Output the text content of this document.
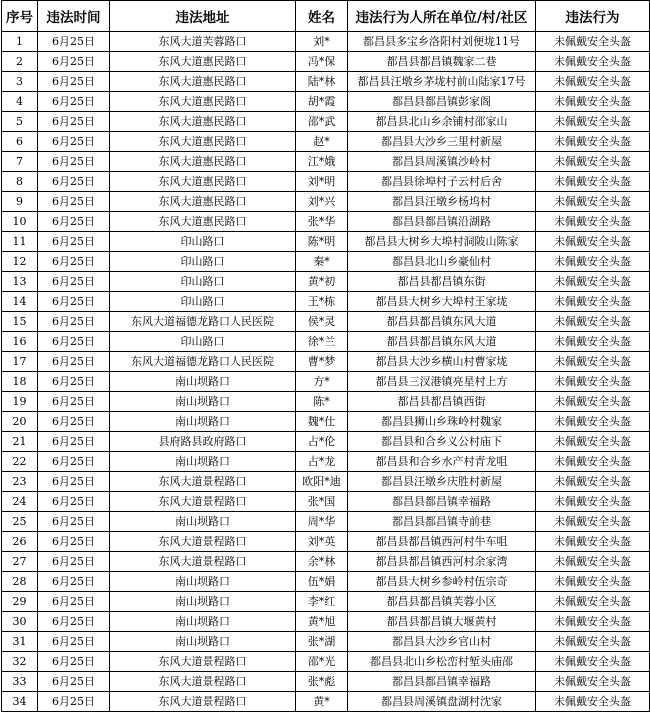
序号	违法时间	违法地址	姓名	违法行为人所在单位/村/社区	违法行为
1	6月25日	东风大道芙蓉路口	刘*	都昌县多宝乡洛阳村刘便垅11号	未佩戴安全头盔
2	6月25日	东风大道惠民路口	冯*保	都昌县都昌镇魏家二巷	未佩戴安全头盔
3	6月25日	东风大道惠民路口	陆*林	都昌县汪墩乡茅垅村前山陆家17号	未佩戴安全头盔
4	6月25日	东风大道惠民路口	胡*霞	都昌县都昌镇彭家阁	未佩戴安全头盔
5	6月25日	东风大道惠民路口	邵*武	都昌县北山乡余铺村邵家山	未佩戴安全头盔
6	6月25日	东风大道惠民路口	赵*	都昌县大沙乡三里村新屋	未佩戴安全头盔
7	6月25日	东风大道惠民路口	江*娥	都昌县周溪镇沙岭村	未佩戴安全头盔
8	6月25日	东风大道惠民路口	刘*明	都昌县徐埠村子云村后舍	未佩戴安全头盔
9	6月25日	东风大道惠民路口	刘*兴	都昌县汪墩乡杨坞村	未佩戴安全头盔
10	6月25日	东风大道惠民路口	张*华	都昌县都昌镇沿湖路	未佩戴安全头盔
11	6月25日	印山路口	陈*明	都昌县大树乡大埠村洞陂山陈家	未佩戴安全头盔
12	6月25日	印山路口	秦*	都昌县北山乡豪仙村	未佩戴安全头盔
13	6月25日	印山路口	黄*初	都昌县都昌镇东街	未佩戴安全头盔
14	6月25日	印山路口	王*栋	都昌县大树乡大埠村王家垅	未佩戴安全头盔
15	6月25日	东风大道福德龙路口人民医院	侯*灵	都昌县都昌镇东风大道	未佩戴安全头盔
16	6月25日	印山路口	徐*兰	都昌县都昌镇东风大道	未佩戴安全头盔
17	6月25日	东风大道福德龙路口人民医院	曹*梦	都昌县大沙乡横山村曹家垅	未佩戴安全头盔
18	6月25日	南山坝路口	方*	都昌县三汊港镇亮星村上方	未佩戴安全头盔
19	6月25日	南山坝路口	陈*	都昌县都昌镇西街	未佩戴安全头盔
20	6月25日	南山坝路口	魏*仕	都昌县狮山乡珠岭村魏家	未佩戴安全头盔
21	6月25日	县府路县政府路口	占*伦	都昌县和合乡义公村庙下	未佩戴安全头盔
22	6月25日	南山坝路口	占*龙	都昌县和合乡水产村青龙咀	未佩戴安全头盔
23	6月25日	东风大道景程路口	欧阳*迪	都昌县汪墩乡庆胜村新屋	未佩戴安全头盔
24	6月25日	东风大道景程路口	张*国	都昌县都昌镇幸福路	未佩戴安全头盔
25	6月25日	南山坝路口	周*华	都昌县都昌镇寺前巷	未佩戴安全头盔
26	6月25日	东风大道景程路口	刘*英	都昌县都昌镇西河村牛车咀	未佩戴安全头盔
27	6月25日	东风大道景程路口	余*林	都昌县都昌镇西河村余家湾	未佩戴安全头盔
28	6月25日	南山坝路口	伍*娟	都昌县大树乡参岭村伍宗奇	未佩戴安全头盔
29	6月25日	南山坝路口	李*红	都昌县都昌镇芙蓉小区	未佩戴安全头盔
30	6月25日	南山坝路口	黄*旭	都昌县都昌镇大堰黄村	未佩戴安全头盔
31	6月25日	南山坝路口	张*湖	都昌县大沙乡官山村	未佩戴安全头盔
32	6月25日	东风大道景程路口	邵*光	都昌县北山乡松峦村堑头庙邵	未佩戴安全头盔
33	6月25日	东风大道景程路口	张*彪	都昌县都昌镇幸福路	未佩戴安全头盔
34	6月25日	东风大道景程路口	黄*	都昌县周溪镇盘湖村沈家	未佩戴安全头盔
